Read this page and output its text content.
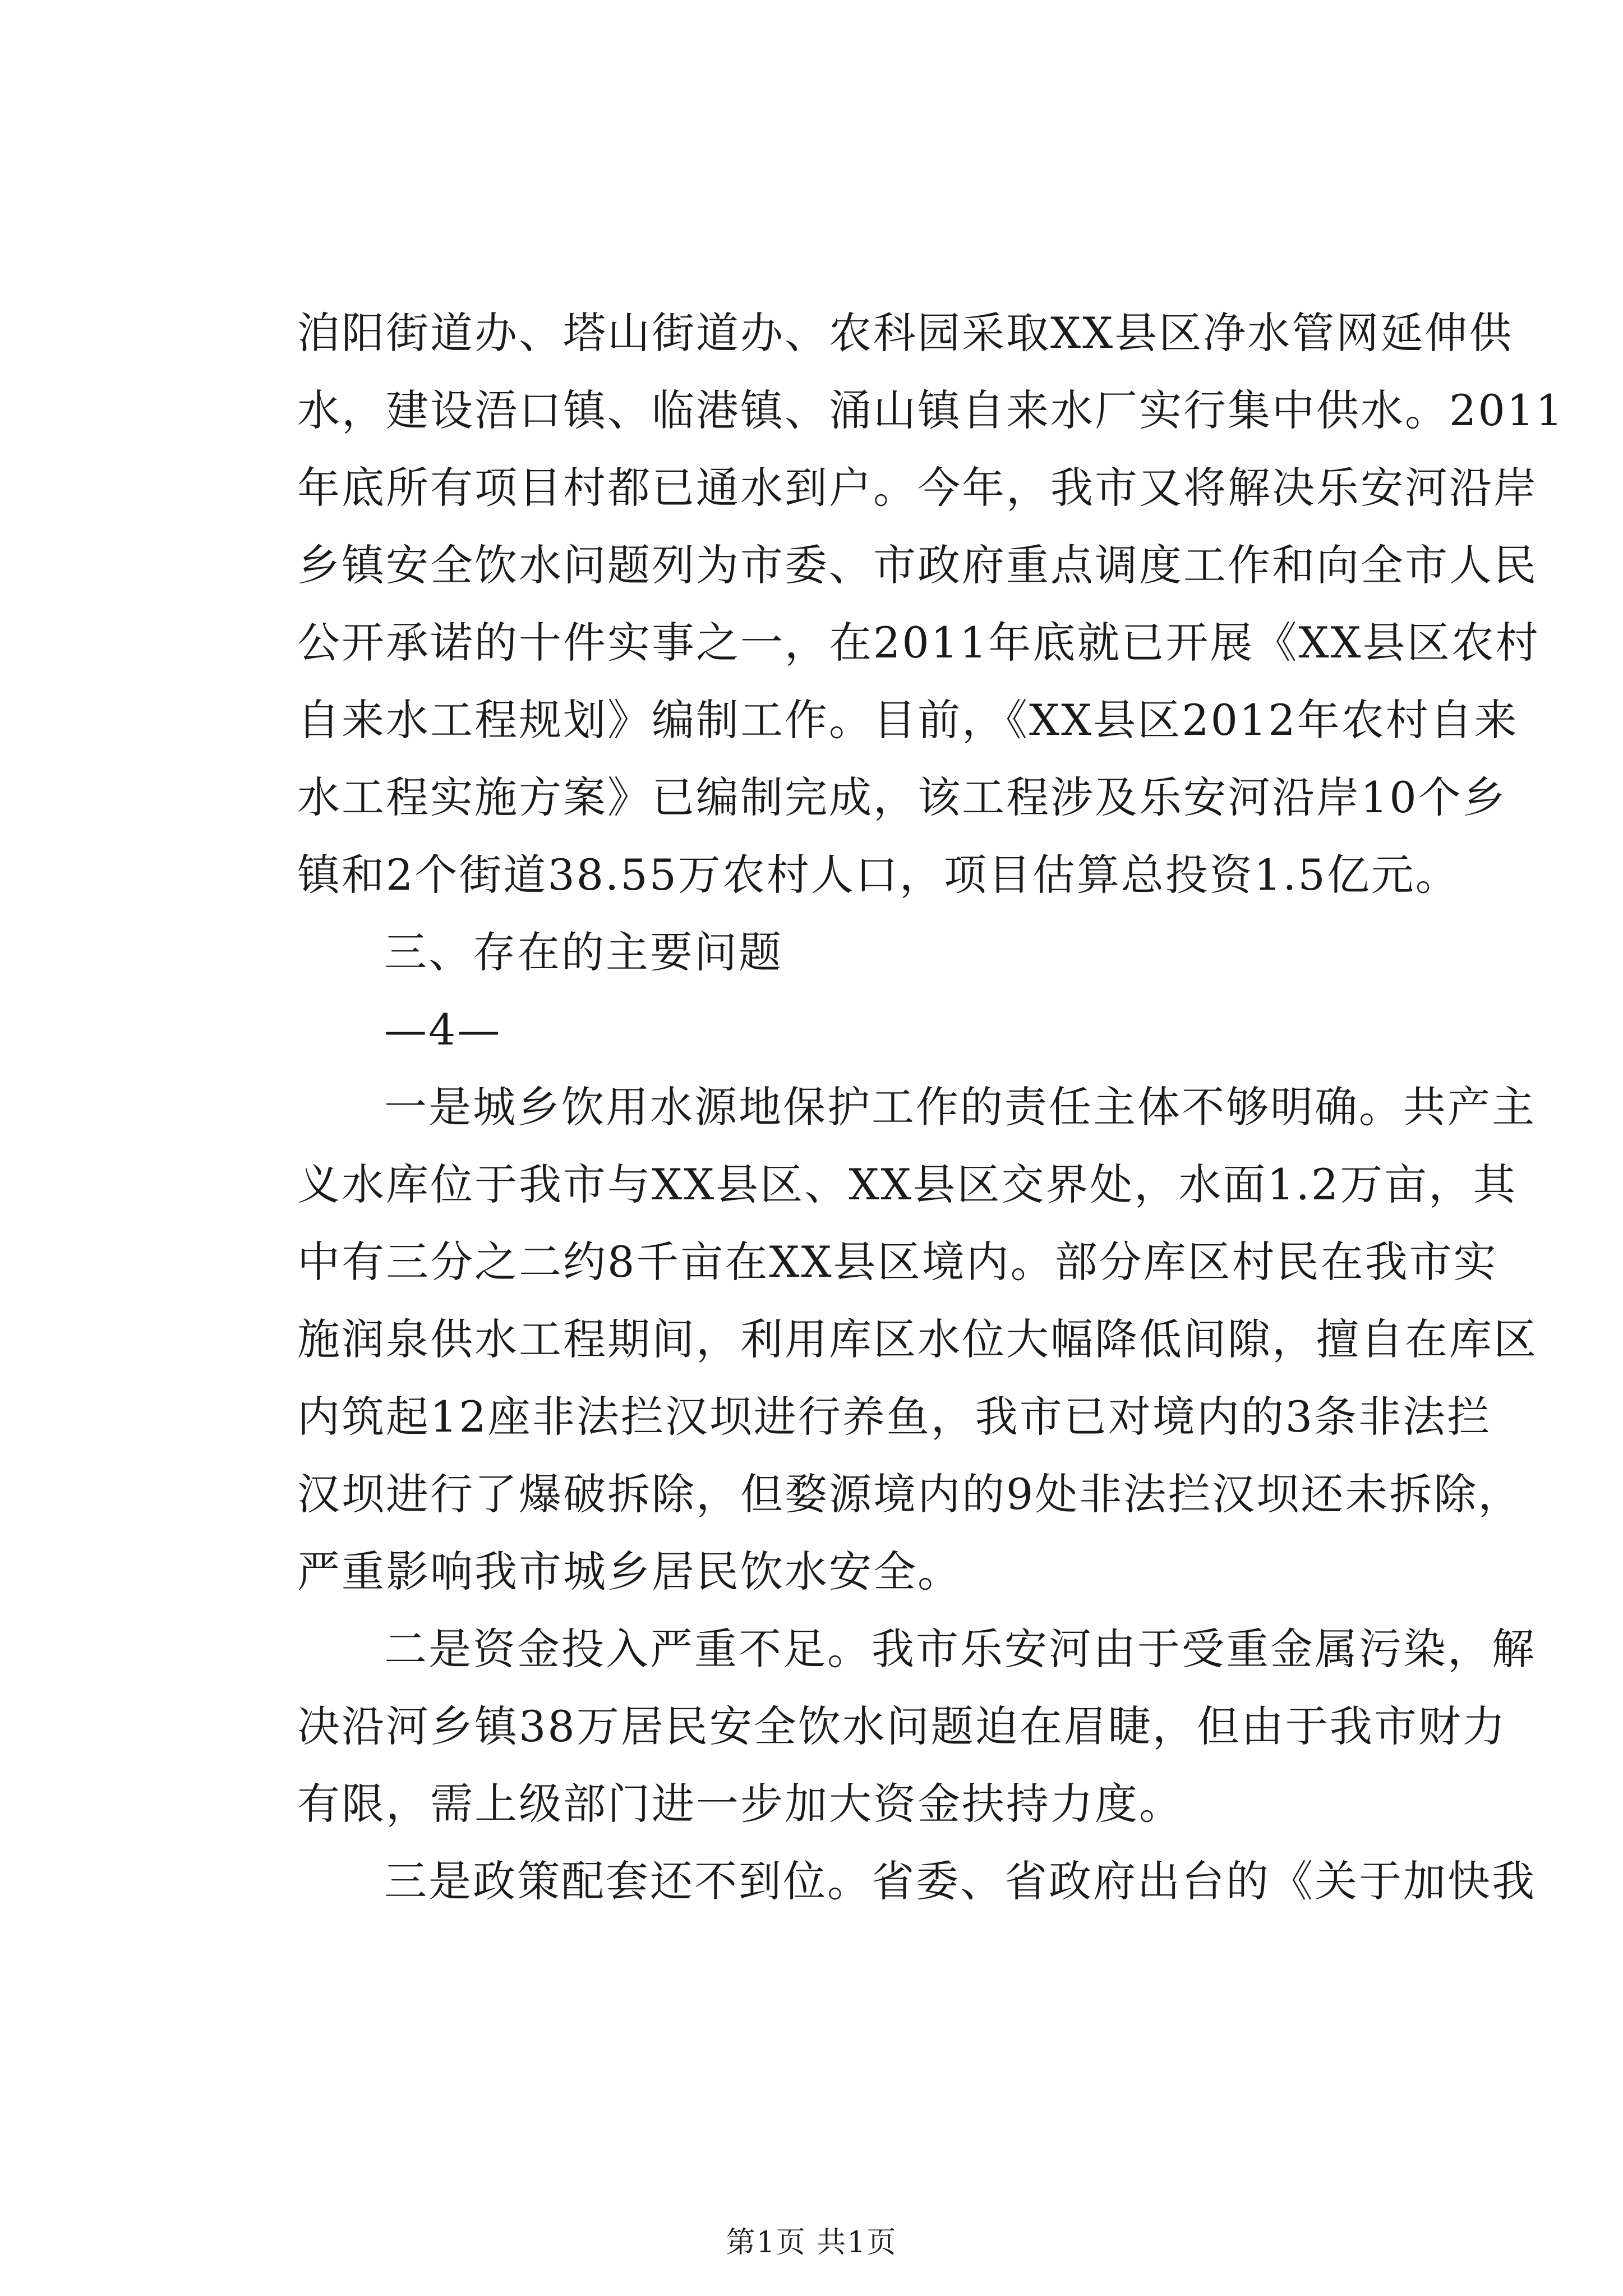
洎阳街道办、塔山街道办、农科园采取XX县区净水管网延伸供
水，建设浯口镇、临港镇、涌山镇自来水厂实行集中供水。2011
年底所有项目村都已通水到户。今年，我市又将解决乐安河沿岸
乡镇安全饮水问题列为市委、市政府重点调度工作和向全市人民
公开承诺的十件实事之一，在2011年底就已开展《XX县区农村
自来水工程规划》编制工作。目前，《XX县区2012年农村自来
水工程实施方案》已编制完成，该工程涉及乐安河沿岸10个乡
镇和2个街道38.55万农村人口，项目估算总投资1.5亿元。
三、存在的主要问题
—4—
一是城乡饮用水源地保护工作的责任主体不够明确。共产主
义水库位于我市与XX县区、XX县区交界处，水面1.2万亩，其
中有三分之二约8千亩在XX县区境内。部分库区村民在我市实
施润泉供水工程期间，利用库区水位大幅降低间隙，擅自在库区
内筑起12座非法拦汉坝进行养鱼，我市已对境内的3条非法拦
汉坝进行了爆破拆除，但婺源境内的9处非法拦汉坝还未拆除，
严重影响我市城乡居民饮水安全。
二是资金投入严重不足。我市乐安河由于受重金属污染，解
决沿河乡镇38万居民安全饮水问题迫在眉睫，但由于我市财力
有限，需上级部门进一步加大资金扶持力度。
三是政策配套还不到位。省委、省政府出台的《关于加快我
第1页 共1页
